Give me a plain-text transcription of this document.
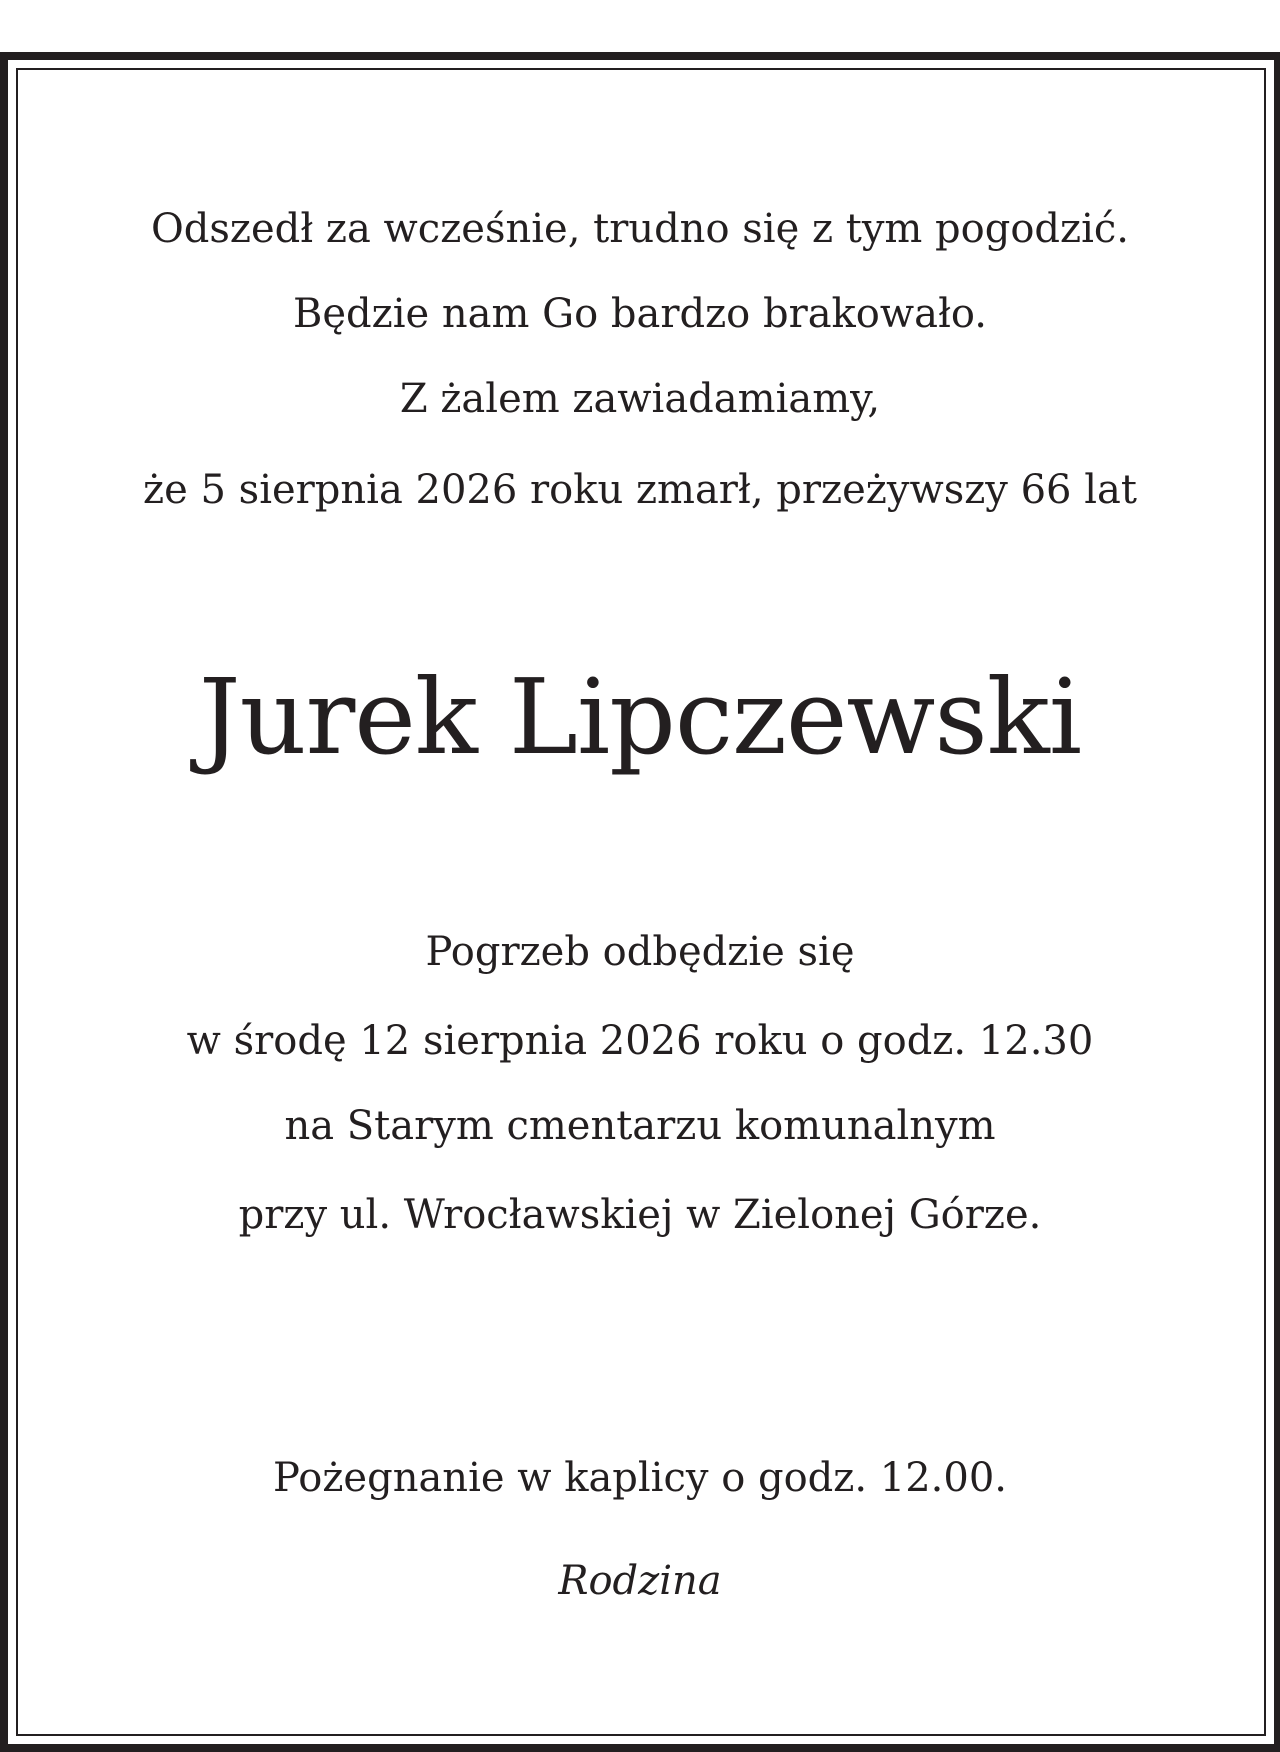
Odszedł za wcześnie, trudno się z tym pogodzić.
Będzie nam Go bardzo brakowało.
Z żalem zawiadamiamy,
że 5 sierpnia 2026 roku zmarł, przeżywszy 66 lat
Jurek Lipczewski
Pogrzeb odbędzie się
w środę 12 sierpnia 2026 roku o godz. 12.30
na Starym cmentarzu komunalnym
przy ul. Wrocławskiej w Zielonej Górze.
Pożegnanie w kaplicy o godz. 12.00.
Rodzina
